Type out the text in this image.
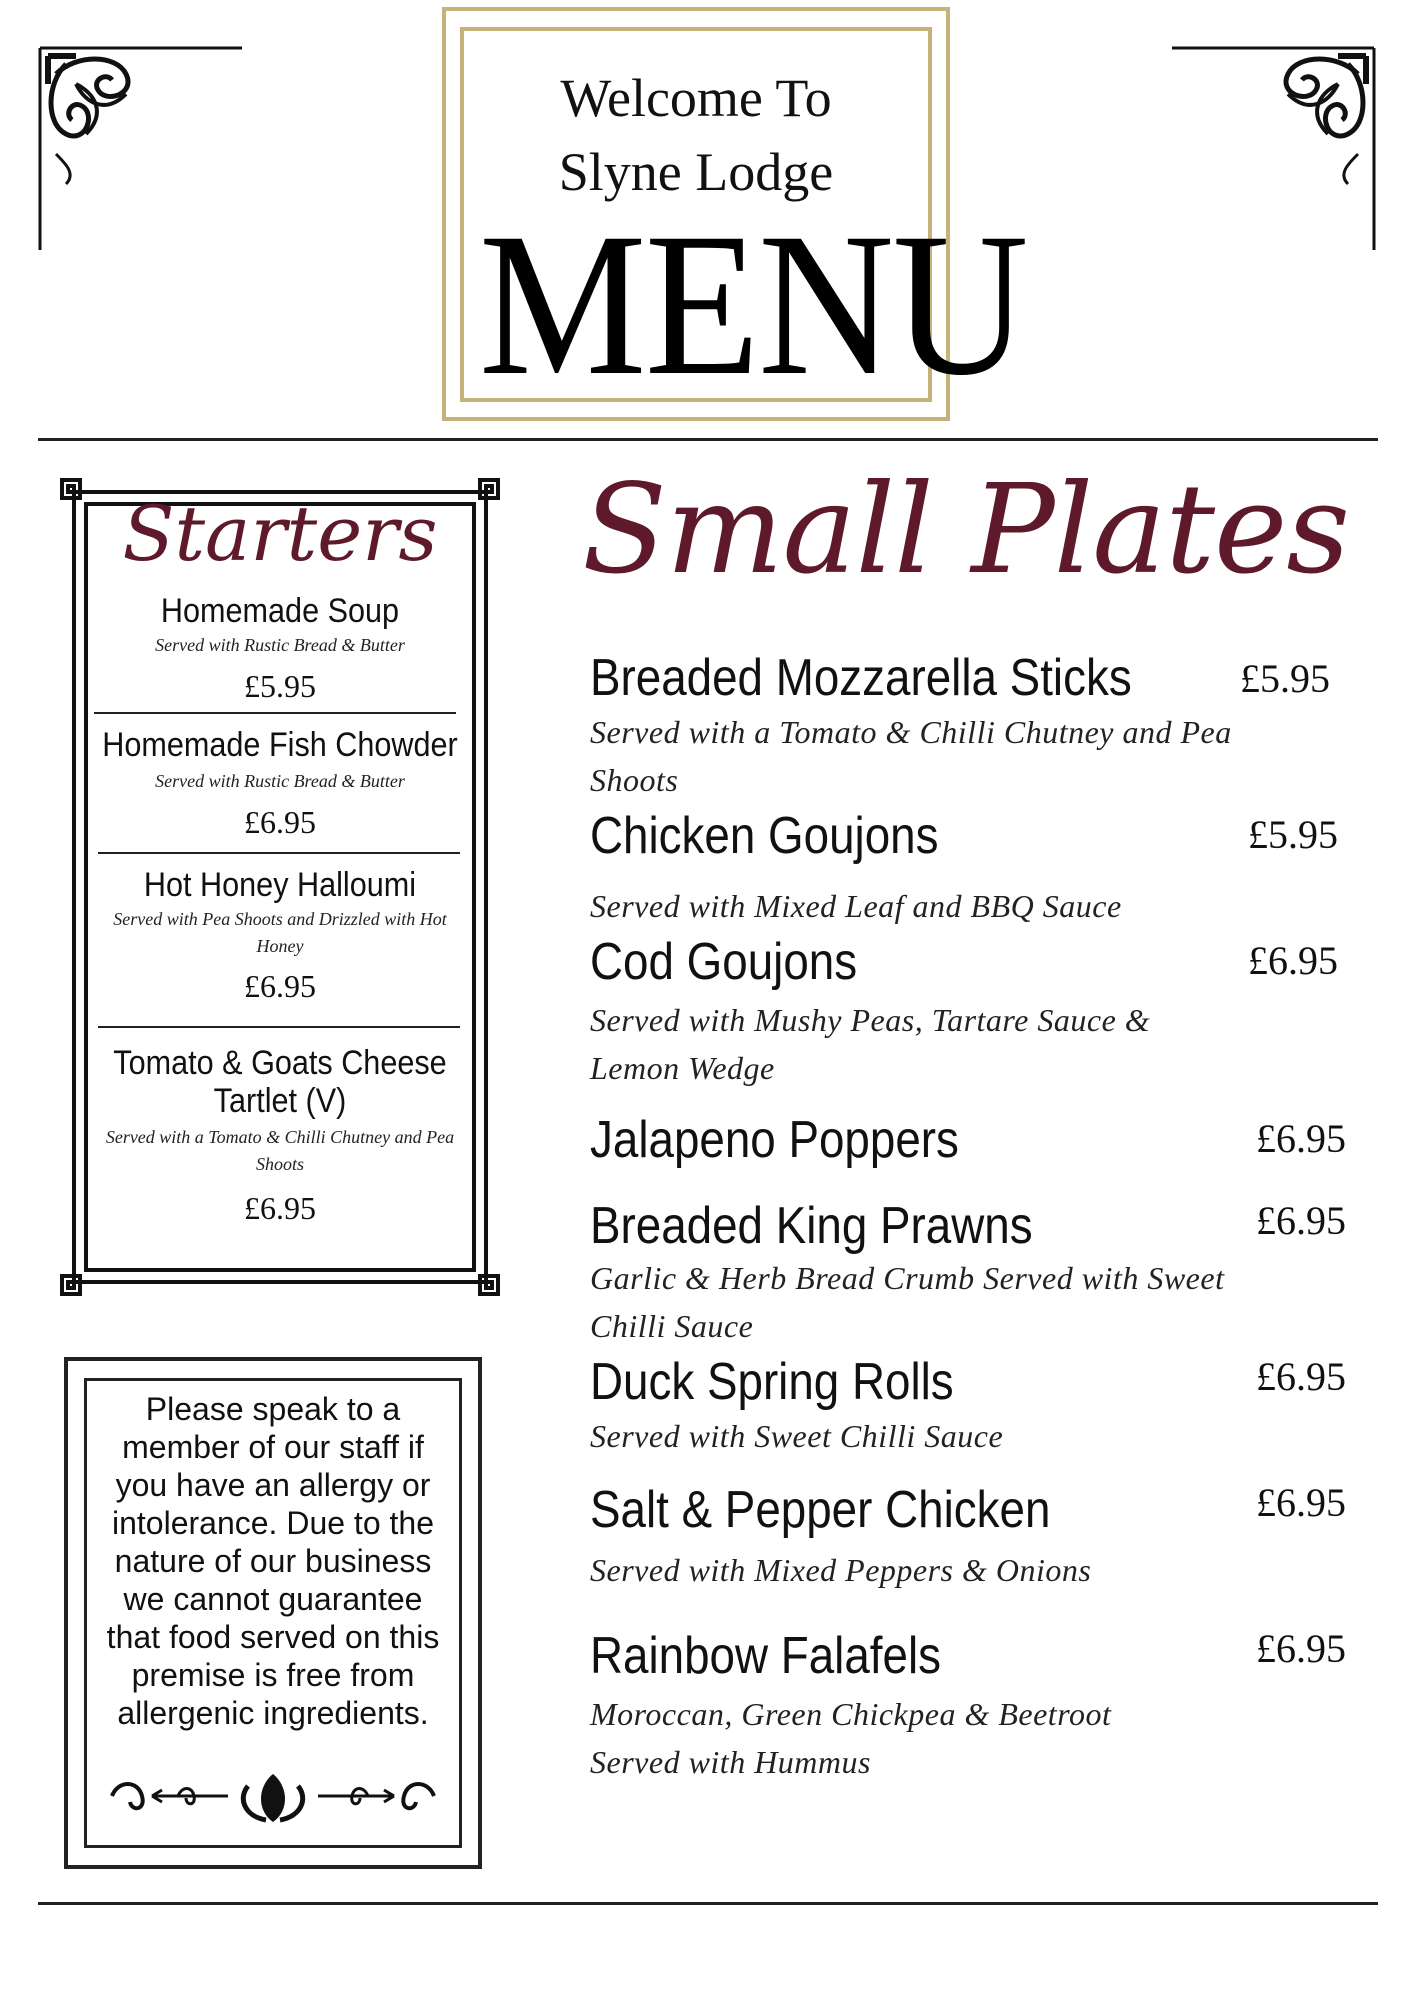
Welcome To
Slyne Lodge
MENU
Starters
Homemade Soup
Served with Rustic Bread & Butter
£5.95
Homemade Fish Chowder
Served with Rustic Bread & Butter
£6.95
Hot Honey Halloumi
Served with Pea Shoots and Drizzled with Hot Honey
£6.95
Tomato & Goats Cheese Tartlet (V)
Served with a Tomato & Chilli Chutney and Pea Shoots
£6.95
Please speak to a member of our staff if you have an allergy or intolerance. Due to the nature of our business we cannot guarantee that food served on this premise is free from allergenic ingredients.
Small Plates
Breaded Mozzarella Sticks	£5.95
Served with a Tomato & Chilli Chutney and Pea Shoots
Chicken Goujons	£5.95
Served with Mixed Leaf and BBQ Sauce
Cod Goujons	£6.95
Served with Mushy Peas, Tartare Sauce & Lemon Wedge
Jalapeno Poppers	£6.95
Breaded King Prawns	£6.95
Garlic & Herb Bread Crumb Served with Sweet Chilli Sauce
Duck Spring Rolls	£6.95
Served with Sweet Chilli Sauce
Salt & Pepper Chicken	£6.95
Served with Mixed Peppers & Onions
Rainbow Falafels	£6.95
Moroccan, Green Chickpea & Beetroot Served with Hummus
